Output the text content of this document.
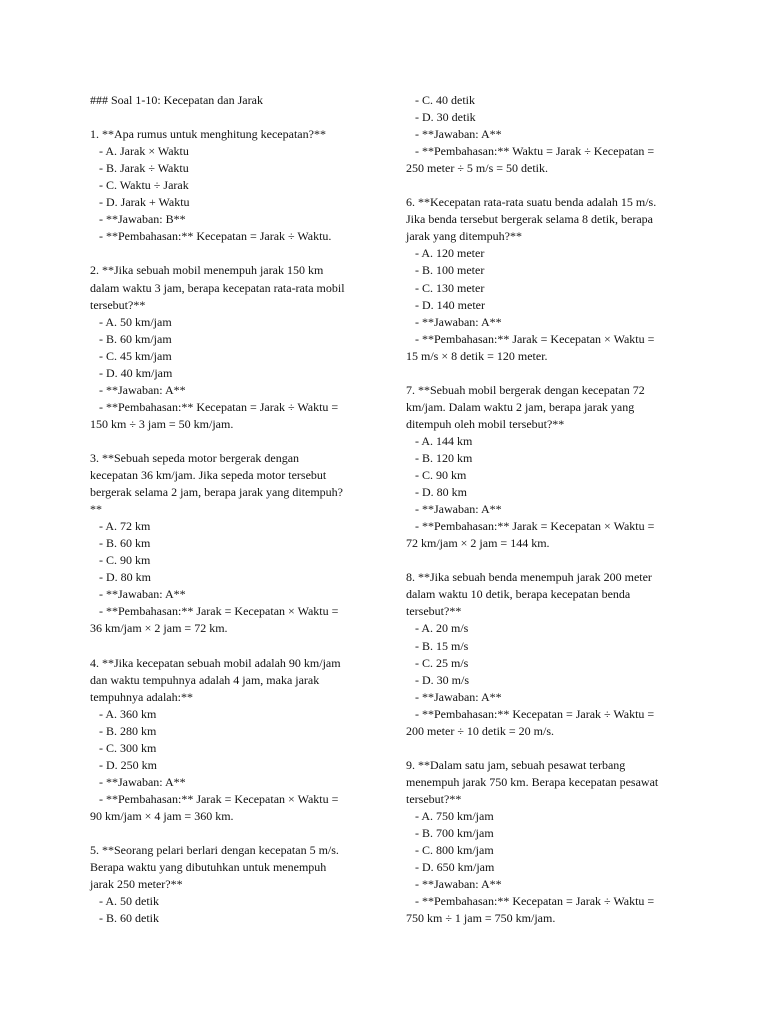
### Soal 1-10: Kecepatan dan Jarak
1. **Apa rumus untuk menghitung kecepatan?**
- A. Jarak × Waktu
- B. Jarak ÷ Waktu
- C. Waktu ÷ Jarak
- D. Jarak + Waktu
- **Jawaban: B**
- **Pembahasan:** Kecepatan = Jarak ÷ Waktu.
2. **Jika sebuah mobil menempuh jarak 150 km
dalam waktu 3 jam, berapa kecepatan rata-rata mobil
tersebut?**
- A. 50 km/jam
- B. 60 km/jam
- C. 45 km/jam
- D. 40 km/jam
- **Jawaban: A**
- **Pembahasan:** Kecepatan = Jarak ÷ Waktu =
150 km ÷ 3 jam = 50 km/jam.
3. **Sebuah sepeda motor bergerak dengan
kecepatan 36 km/jam. Jika sepeda motor tersebut
bergerak selama 2 jam, berapa jarak yang ditempuh?
**
- A. 72 km
- B. 60 km
- C. 90 km
- D. 80 km
- **Jawaban: A**
- **Pembahasan:** Jarak = Kecepatan × Waktu =
36 km/jam × 2 jam = 72 km.
4. **Jika kecepatan sebuah mobil adalah 90 km/jam
dan waktu tempuhnya adalah 4 jam, maka jarak
tempuhnya adalah:**
- A. 360 km
- B. 280 km
- C. 300 km
- D. 250 km
- **Jawaban: A**
- **Pembahasan:** Jarak = Kecepatan × Waktu =
90 km/jam × 4 jam = 360 km.
5. **Seorang pelari berlari dengan kecepatan 5 m/s.
Berapa waktu yang dibutuhkan untuk menempuh
jarak 250 meter?**
- A. 50 detik
- B. 60 detik
- C. 40 detik
- D. 30 detik
- **Jawaban: A**
- **Pembahasan:** Waktu = Jarak ÷ Kecepatan =
250 meter ÷ 5 m/s = 50 detik.
6. **Kecepatan rata-rata suatu benda adalah 15 m/s.
Jika benda tersebut bergerak selama 8 detik, berapa
jarak yang ditempuh?**
- A. 120 meter
- B. 100 meter
- C. 130 meter
- D. 140 meter
- **Jawaban: A**
- **Pembahasan:** Jarak = Kecepatan × Waktu =
15 m/s × 8 detik = 120 meter.
7. **Sebuah mobil bergerak dengan kecepatan 72
km/jam. Dalam waktu 2 jam, berapa jarak yang
ditempuh oleh mobil tersebut?**
- A. 144 km
- B. 120 km
- C. 90 km
- D. 80 km
- **Jawaban: A**
- **Pembahasan:** Jarak = Kecepatan × Waktu =
72 km/jam × 2 jam = 144 km.
8. **Jika sebuah benda menempuh jarak 200 meter
dalam waktu 10 detik, berapa kecepatan benda
tersebut?**
- A. 20 m/s
- B. 15 m/s
- C. 25 m/s
- D. 30 m/s
- **Jawaban: A**
- **Pembahasan:** Kecepatan = Jarak ÷ Waktu =
200 meter ÷ 10 detik = 20 m/s.
9. **Dalam satu jam, sebuah pesawat terbang
menempuh jarak 750 km. Berapa kecepatan pesawat
tersebut?**
- A. 750 km/jam
- B. 700 km/jam
- C. 800 km/jam
- D. 650 km/jam
- **Jawaban: A**
- **Pembahasan:** Kecepatan = Jarak ÷ Waktu =
750 km ÷ 1 jam = 750 km/jam.
